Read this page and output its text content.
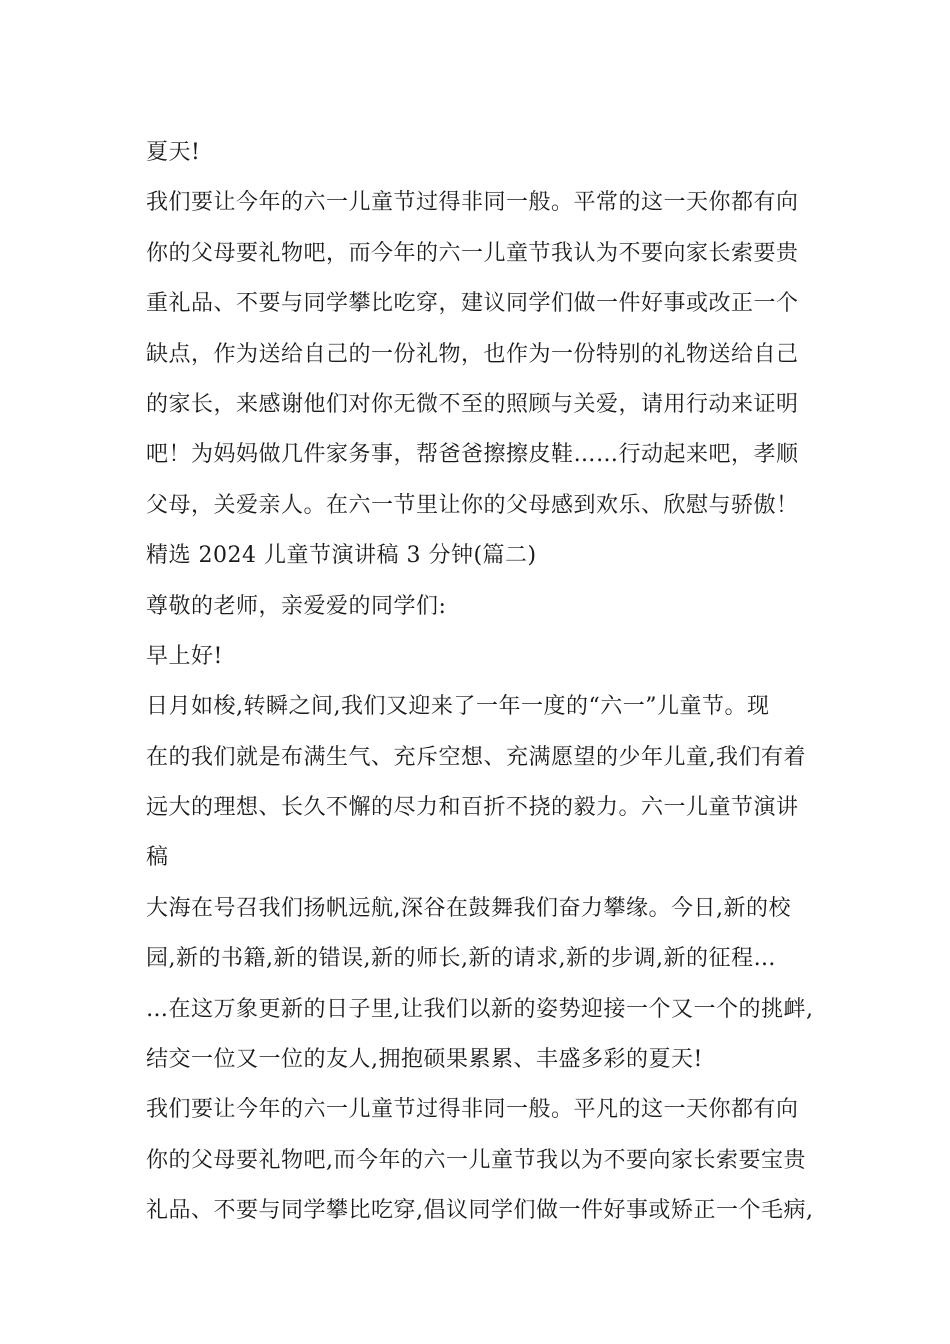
夏天!
我们要让今年的六一儿童节过得非同一般。平常的这一天你都有向
你的父母要礼物吧，而今年的六一儿童节我认为不要向家长索要贵
重礼品、不要与同学攀比吃穿，建议同学们做一件好事或改正一个
缺点，作为送给自己的一份礼物，也作为一份特别的礼物送给自己
的家长，来感谢他们对你无微不至的照顾与关爱，请用行动来证明
吧！为妈妈做几件家务事，帮爸爸擦擦皮鞋……行动起来吧，孝顺
父母，关爱亲人。在六一节里让你的父母感到欢乐、欣慰与骄傲！
精选 2024 儿童节演讲稿 3 分钟(篇二)
尊敬的老师，亲爱爱的同学们:
早上好!
日月如梭,转瞬之间,我们又迎来了一年一度的“六一”儿童节。现
在的我们就是布满生气、充斥空想、充满愿望的少年儿童,我们有着
远大的理想、长久不懈的尽力和百折不挠的毅力。六一儿童节演讲
稿
大海在号召我们扬帆远航,深谷在鼓舞我们奋力攀缘。今日,新的校
园,新的书籍,新的错误,新的师长,新的请求,新的步调,新的征程…
…在这万象更新的日子里,让我们以新的姿势迎接一个又一个的挑衅,
结交一位又一位的友人,拥抱硕果累累、丰盛多彩的夏天!
我们要让今年的六一儿童节过得非同一般。平凡的这一天你都有向
你的父母要礼物吧,而今年的六一儿童节我以为不要向家长索要宝贵
礼品、不要与同学攀比吃穿,倡议同学们做一件好事或矫正一个毛病,
